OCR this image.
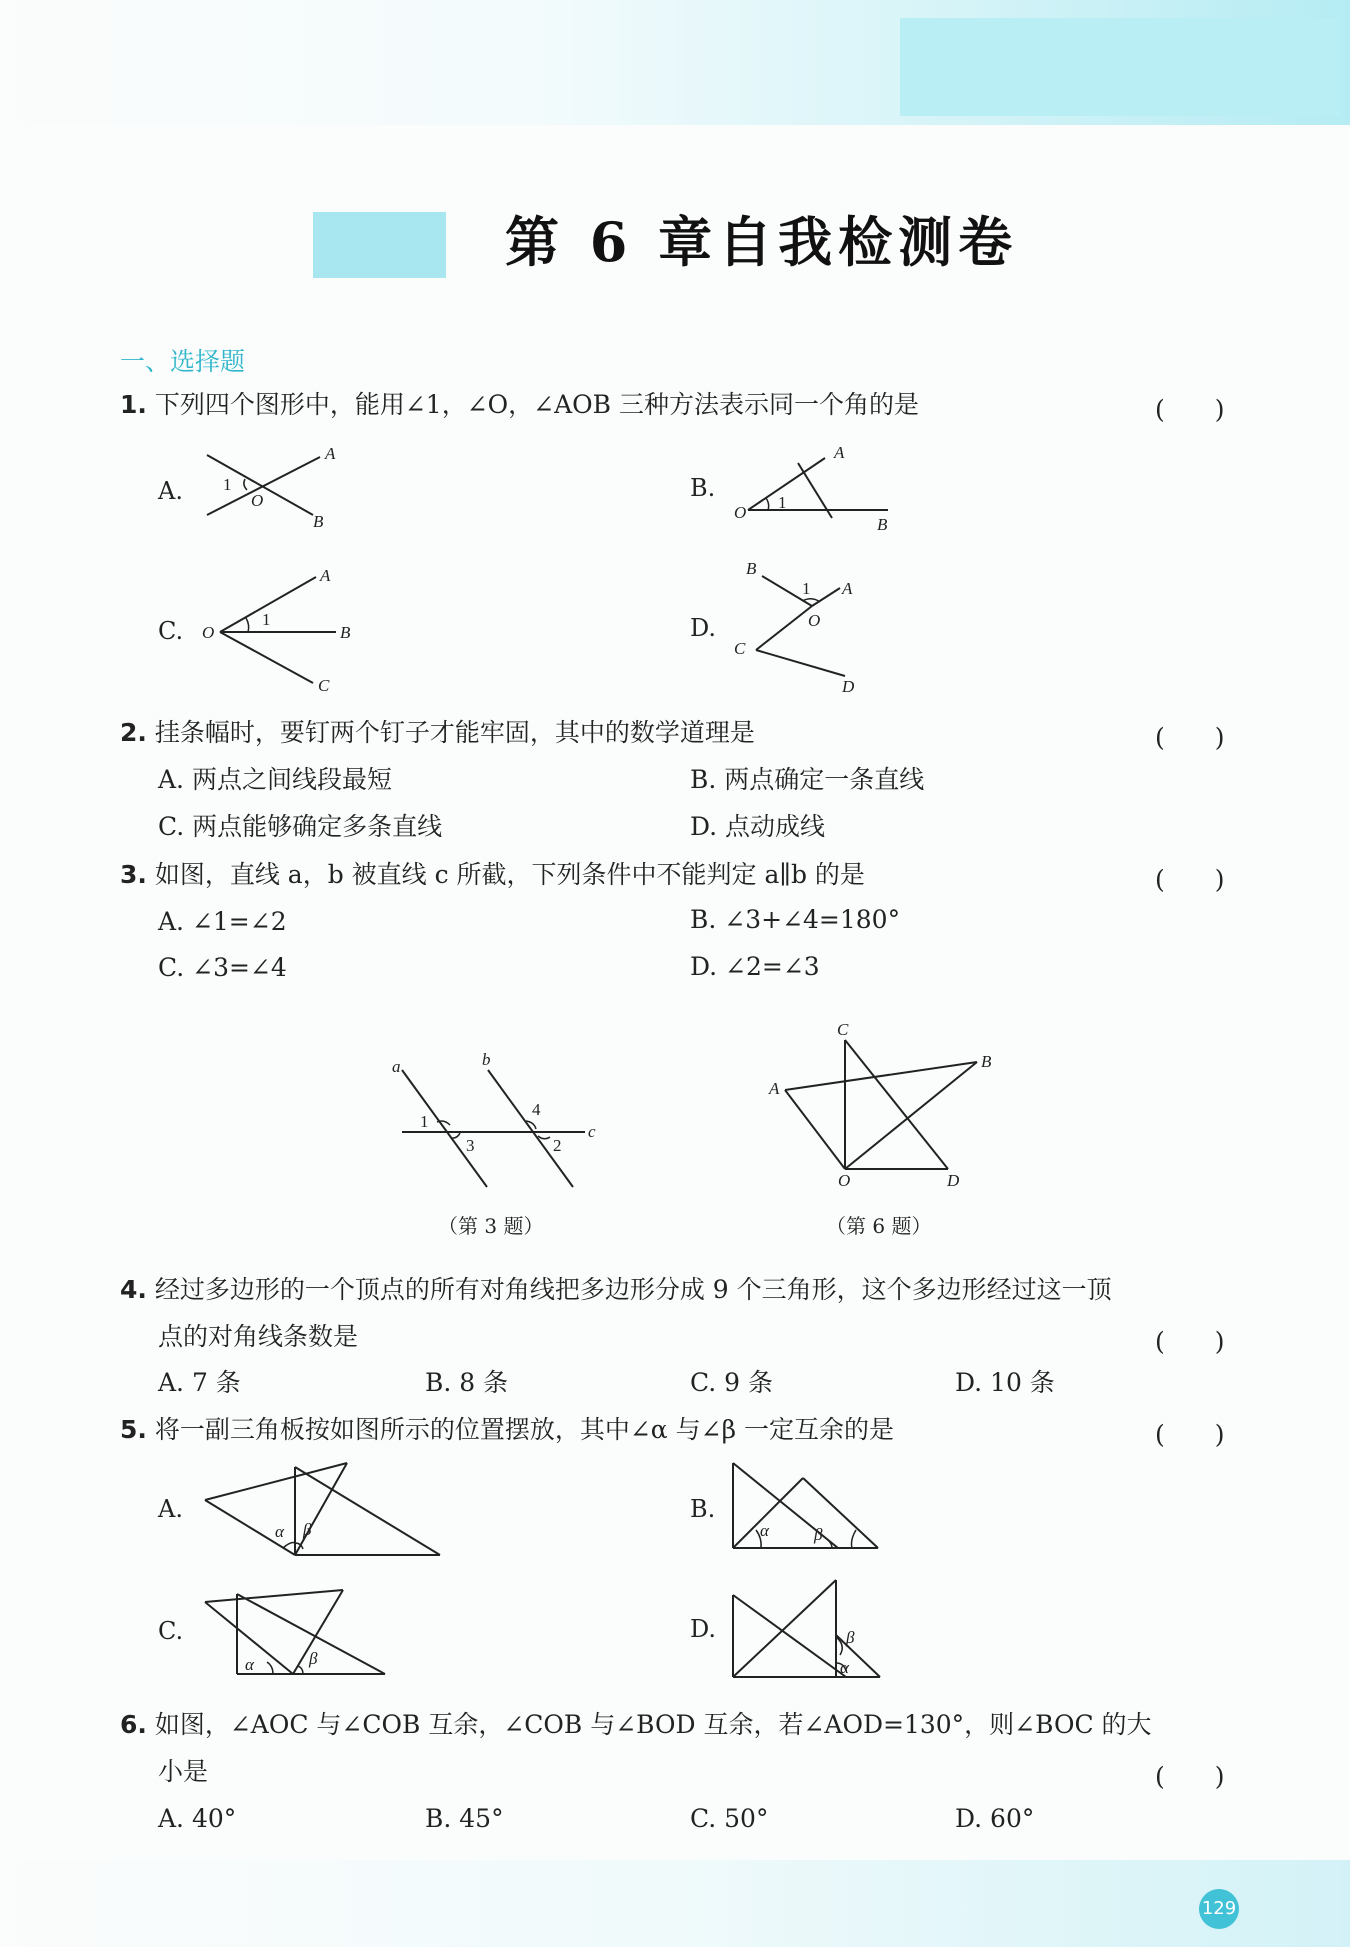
第 6 章自我检测卷
一、选择题
1. 下列四个图形中，能用∠1，∠O，∠AOB 三种方法表示同一个角的是	(　　)
A. 1
O
A
B
B.
1
O
A
B
C.	1
O
A
B
C
D.
1
O
B
A
C
D
2. 挂条幅时，要钉两个钉子才能牢固，其中的数学道理是	(　　)
A. 两点之间线段最短	B. 两点确定一条直线
C. 两点能够确定多条直线	D. 点动成线
3. 如图，直线 a，b 被直线 c 所截，下列条件中不能判定 a∥b 的是	(　　)
A. ∠1=∠2	B. ∠3+∠4=180°
C. ∠3=∠4	D. ∠2=∠3
a	b
c
1
3
4
2
（第 3 题）
C
A
B
O	D
（第 6 题）
4. 经过多边形的一个顶点的所有对角线把多边形分成 9 个三角形，这个多边形经过这一顶
点的对角线条数是	(　　)
A. 7 条	B. 8 条	C. 9 条	D. 10 条
5. 将一副三角板按如图所示的位置摆放，其中∠α 与∠β 一定互余的是	(　　)
A.
α β
B.
α	β
C.
α	β
D.	β
α
6. 如图，∠AOC 与∠COB 互余，∠COB 与∠BOD 互余，若∠AOD=130°，则∠BOC 的大
小是	(　　)
A. 40°	B. 45°	C. 50°	D. 60°
129
